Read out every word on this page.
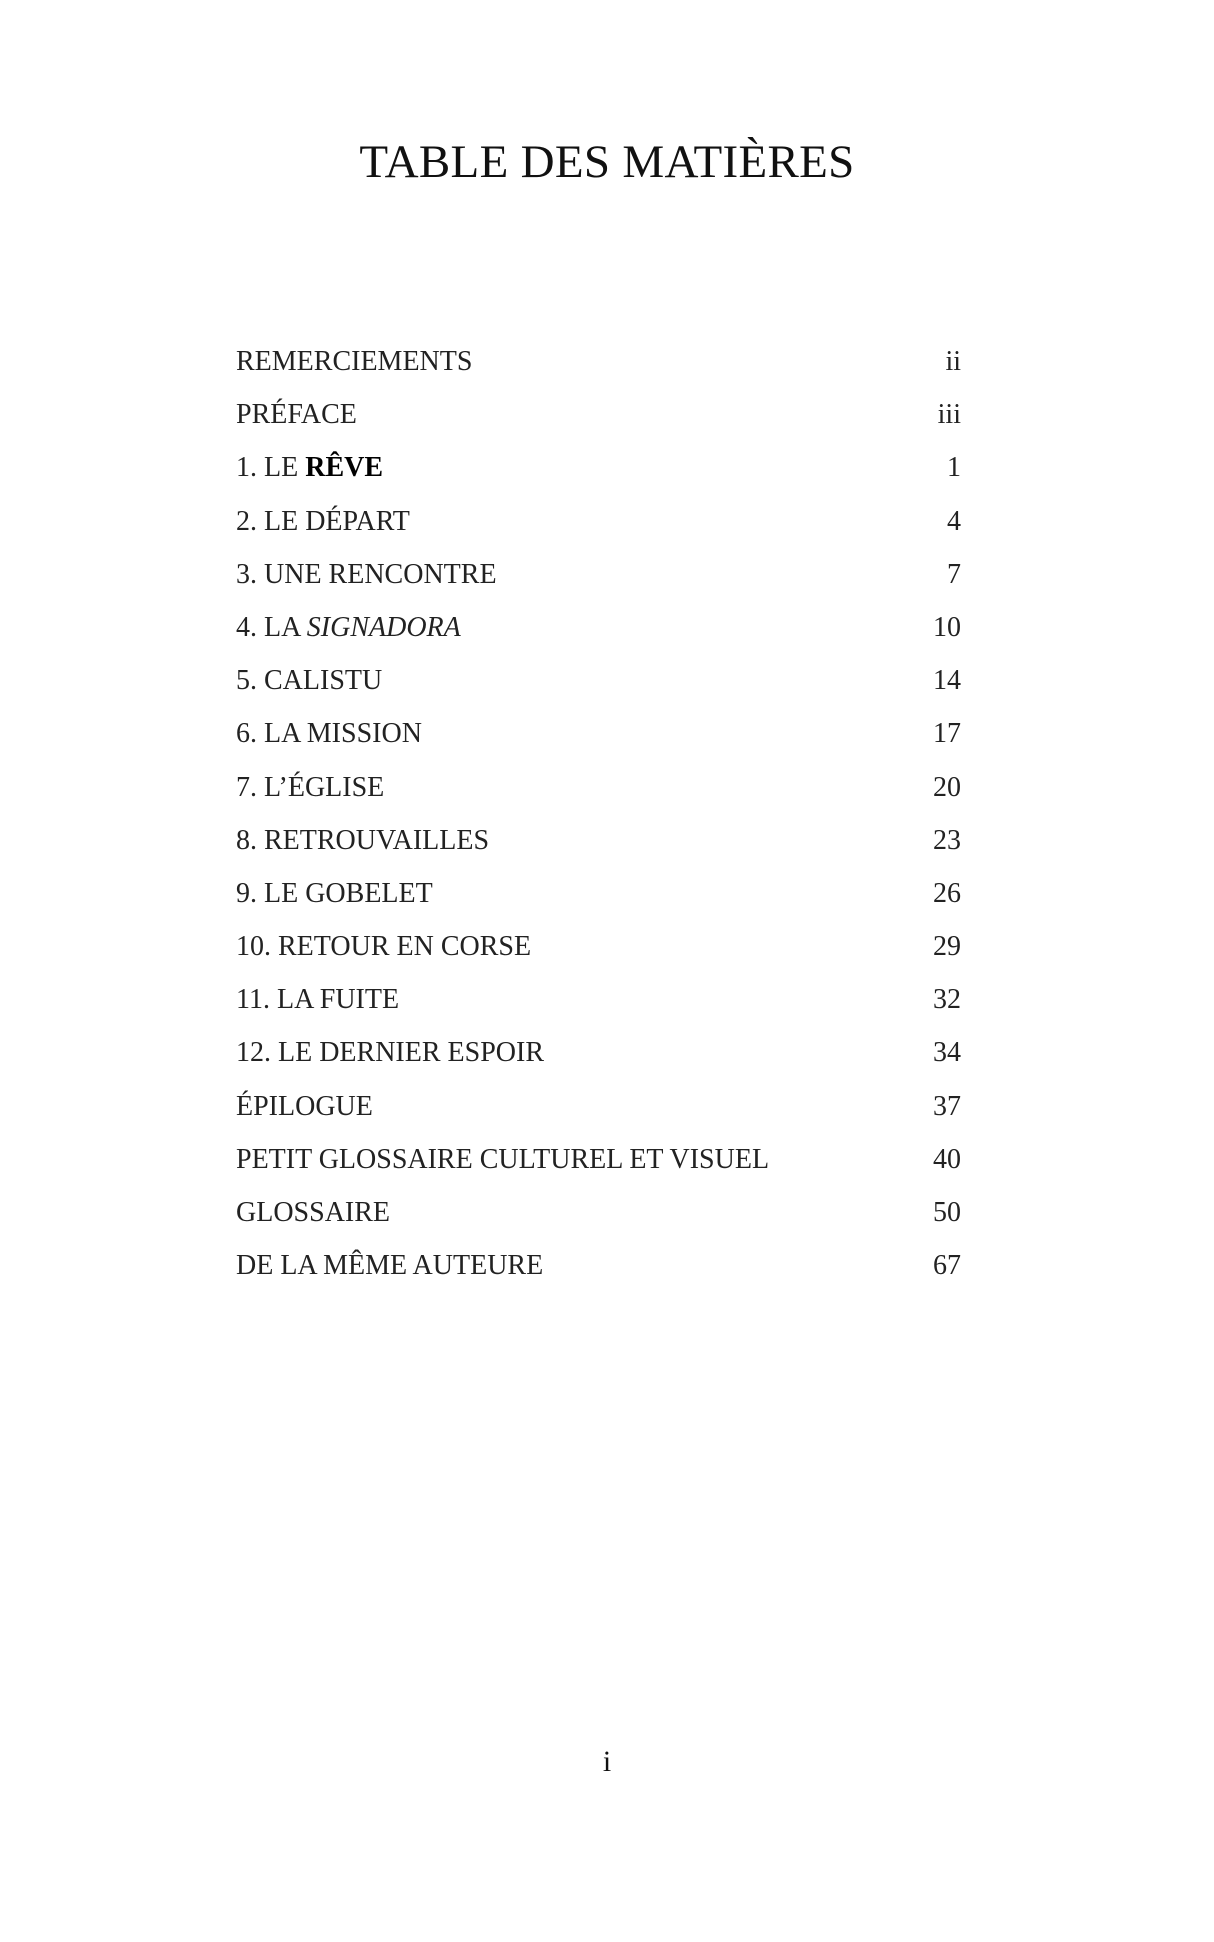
TABLE DES MATIÈRES
REMERCIEMENTS	ii
PRÉFACE	iii
1. LE RÊVE	1
2. LE DÉPART	4
3. UNE RENCONTRE	7
4. LA SIGNADORA	10
5. CALISTU	14
6. LA MISSION	17
7. L’ÉGLISE	20
8. RETROUVAILLES	23
9. LE GOBELET	26
10. RETOUR EN CORSE	29
11. LA FUITE	32
12. LE DERNIER ESPOIR	34
ÉPILOGUE	37
PETIT GLOSSAIRE CULTUREL ET VISUEL	40
GLOSSAIRE	50
DE LA MÊME AUTEURE	67
i
